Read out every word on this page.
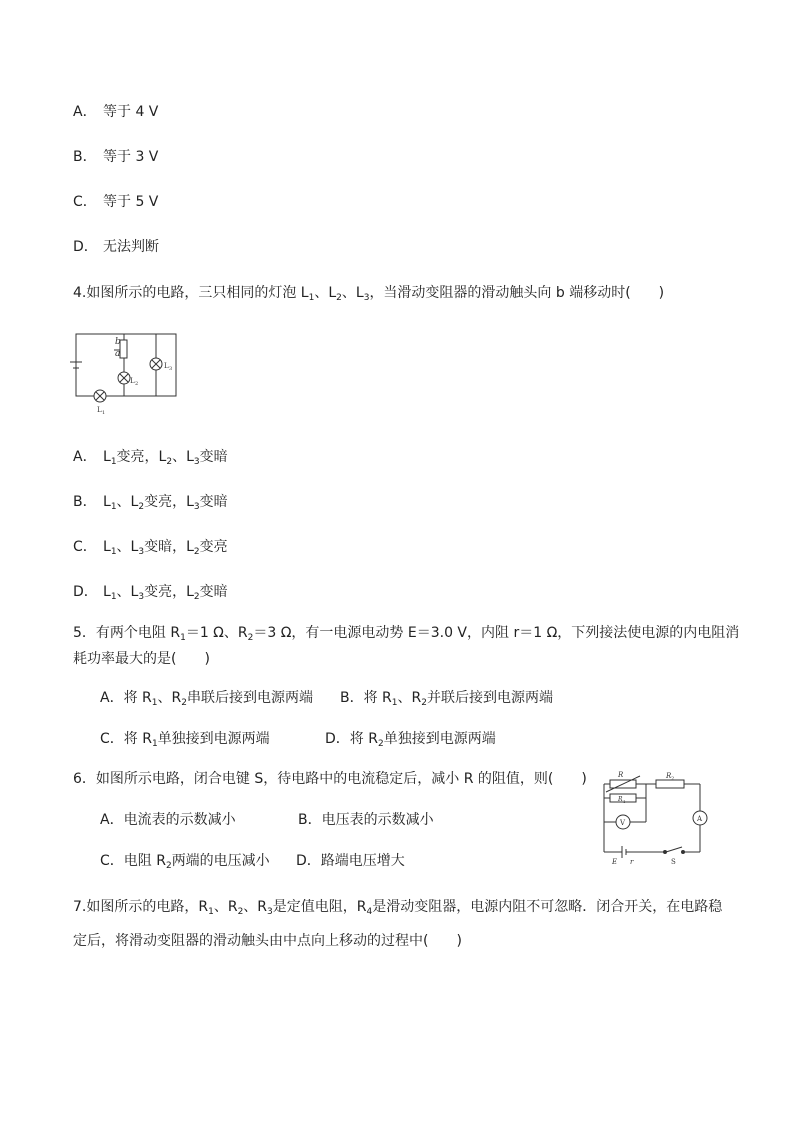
A． 等于 4 V
B． 等于 3 V
C． 等于 5 V
D． 无法判断
4.如图所示的电路，三只相同的灯泡 $L_1$、$L_2$、$L_3$，当滑动变阻器的滑动触头向 b 端移动时(　　)
b
a
L 2
L 3
L 1
A． $L_1$变亮，$L_2$、$L_3$变暗
B． $L_1$、$L_2$变亮，$L_3$变暗
C． $L_1$、$L_3$变暗，$L_2$变亮
D． $L_1$、$L_3$变亮，$L_2$变暗
5．有两个电阻 $R_1=1$ Ω、$R_2=3$ Ω，有一电源电动势 E＝3.0 V，内阻 r＝1 Ω，下列接法使电源的内电阻消
耗功率最大的是(　　)
A．将 $R_1$、$R_2$串联后接到电源两端 B．将 $R_1$、$R_2$并联后接到电源两端
C．将 $R_1$单独接到电源两端	D．将 $R_2$单独接到电源两端
6．如图所示电路，闭合电键 S，待电路中的电流稳定后，减小 R 的阻值，则(　　)
A．电流表的示数减小	B．电压表的示数减小
C．电阻 $R_2$两端的电压减小 D．路端电压增大
R
R 1
R 2
V	A
E r	S
7.如图所示的电路，$R_1$、$R_2$、$R_3$是定值电阻，$R_4$是滑动变阻器，电源内阻不可忽略．闭合开关，在电路稳
定后，将滑动变阻器的滑动触头由中点向上移动的过程中(　　)
